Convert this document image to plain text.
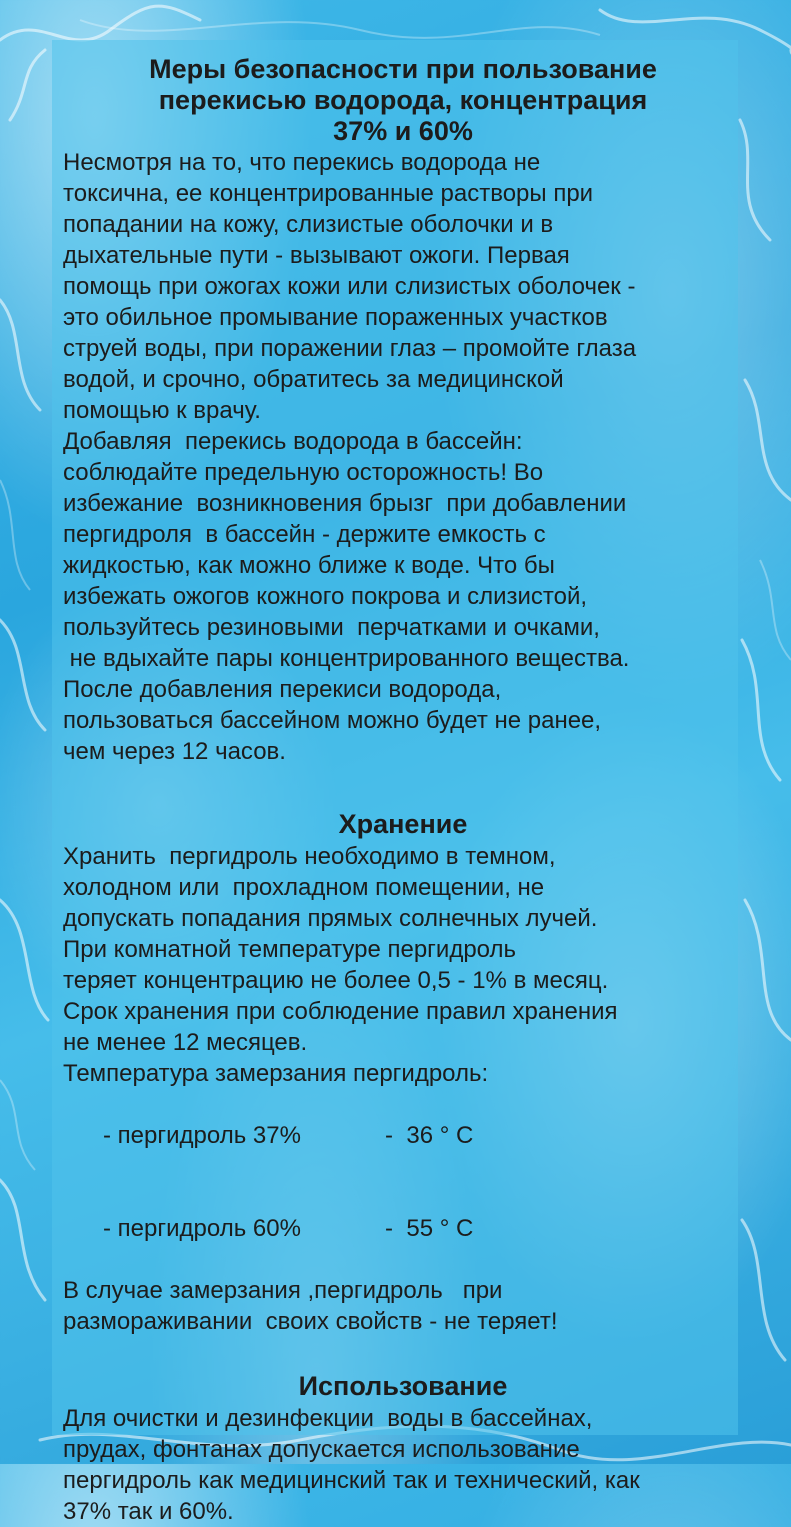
Меры безопасности при пользование
перекисью водорода, концентрация
37% и 60%
Несмотря на то, что перекись водорода не
токсична, ее концентрированные растворы при
попадании на кожу, слизистые оболочки и в
дыхательные пути - вызывают ожоги. Первая
помощь при ожогах кожи или слизистых оболочек -
это обильное промывание пораженных участков
струей воды, при поражении глаз – промойте глаза
водой, и срочно, обратитесь за медицинской
помощью к врачу.
Добавляя  перекись водорода в бассейн:
соблюдайте предельную осторожность! Во
избежание  возникновения брызг  при добавлении
пергидроля  в бассейн - держите емкость с
жидкостью, как можно ближе к воде. Что бы
избежать ожогов кожного покрова и слизистой,
пользуйтесь резиновыми  перчатками и очками,
не вдыхайте пары концентрированного вещества.
После добавления перекиси водорода,
пользоваться бассейном можно будет не ранее,
чем через 12 часов.
Хранение
Хранить  пергидроль необходимо в темном,
холодном или  прохладном помещении, не
допускать попадания прямых солнечных лучей.
При комнатной температуре пергидроль
теряет концентрацию не более 0,5 - 1% в месяц.
Срок хранения при соблюдение правил хранения
не менее 12 месяцев.
Температура замерзания пергидроль:

- пергидроль 37%	-  36 ° C

- пергидроль 60%	-  55 ° C

В случае замерзания ,пергидроль   при
размораживании  своих свойств - не теряет!
Использование
Для очистки и дезинфекции  воды в бассейнах,
прудах, фонтанах допускается использование
пергидроль как медицинский так и технический, как
37% так и 60%.
